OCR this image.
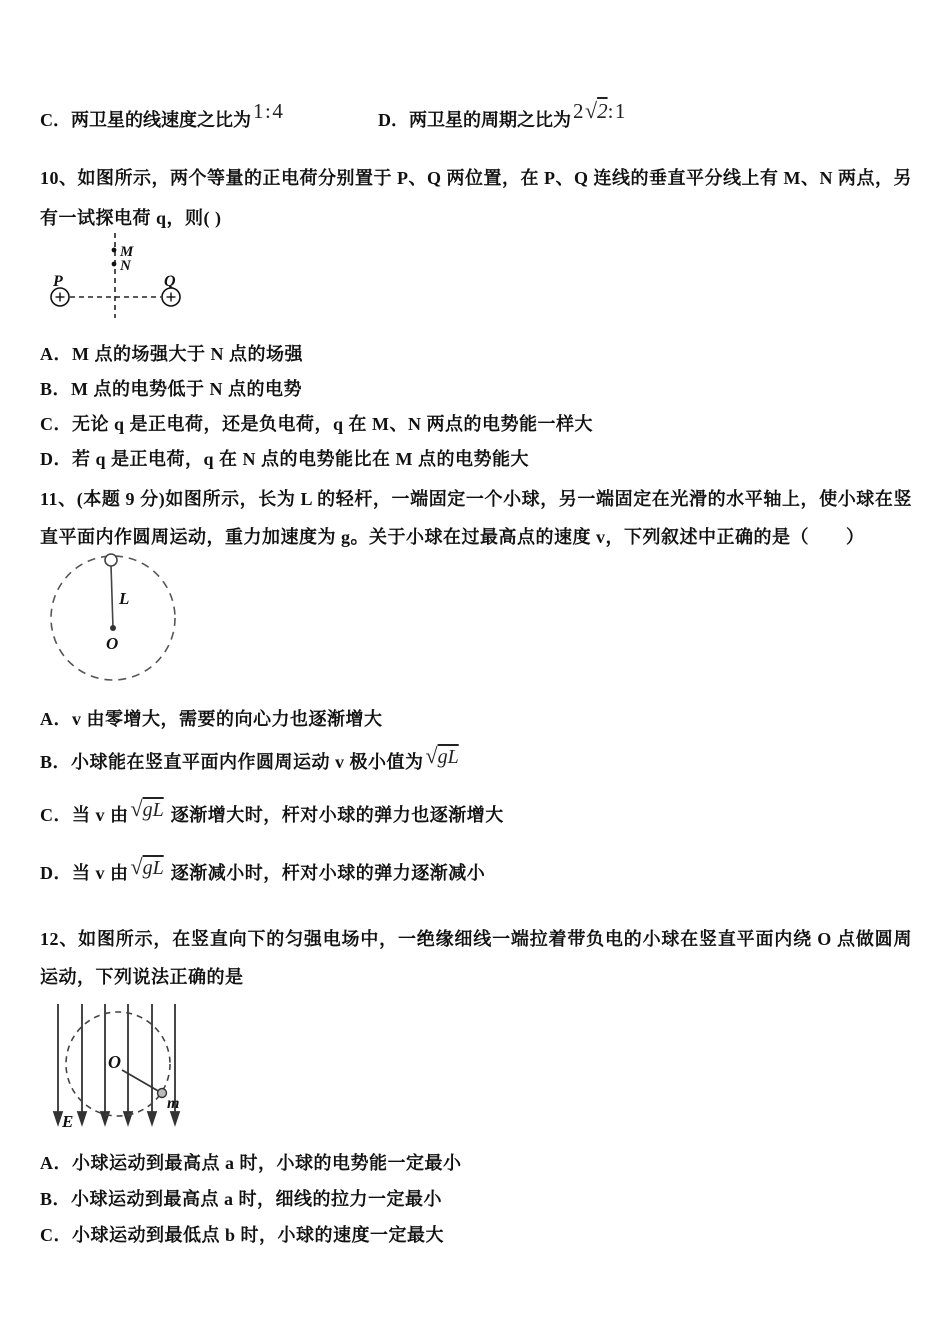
C．两卫星的线速度之比为1:4	D．两卫星的周期之比为2 √ 2:1
10、如图所示，两个等量的正电荷分别置于 P、Q 两位置，在 P、Q 连线的垂直平分线上有 M、N 两点，另有一试探电荷 q，则( )
M
N
P	Q
A．M 点的场强大于 N 点的场强
B．M 点的电势低于 N 点的电势
C．无论 q 是正电荷，还是负电荷，q 在 M、N 两点的电势能一样大
D．若 q 是正电荷，q 在 N 点的电势能比在 M 点的电势能大
11、(本题 9 分)如图所示，长为 L 的轻杆，一端固定一个小球，另一端固定在光滑的水平轴上，使小球在竖直平面内作圆周运动，重力加速度为 g。关于小球在过最高点的速度 v，下列叙述中正确的是（　　）
L
O
A．v 由零增大，需要的向心力也逐渐增大
B．小球能在竖直平面内作圆周运动 v 极小值为 √ $\overline{gL}$
C．当 v 由 √ $\overline{gL}$ 逐渐增大时，杆对小球的弹力也逐渐增大
D．当 v 由 √ $\overline{gL}$ 逐渐减小时，杆对小球的弹力逐渐减小
12、如图所示，在竖直向下的匀强电场中，一绝缘细线一端拉着带负电的小球在竖直平面内绕 O 点做圆周运动，下列说法正确的是
O
m
E
A．小球运动到最高点 a 时，小球的电势能一定最小
B．小球运动到最高点 a 时，细线的拉力一定最小
C．小球运动到最低点 b 时，小球的速度一定最大
